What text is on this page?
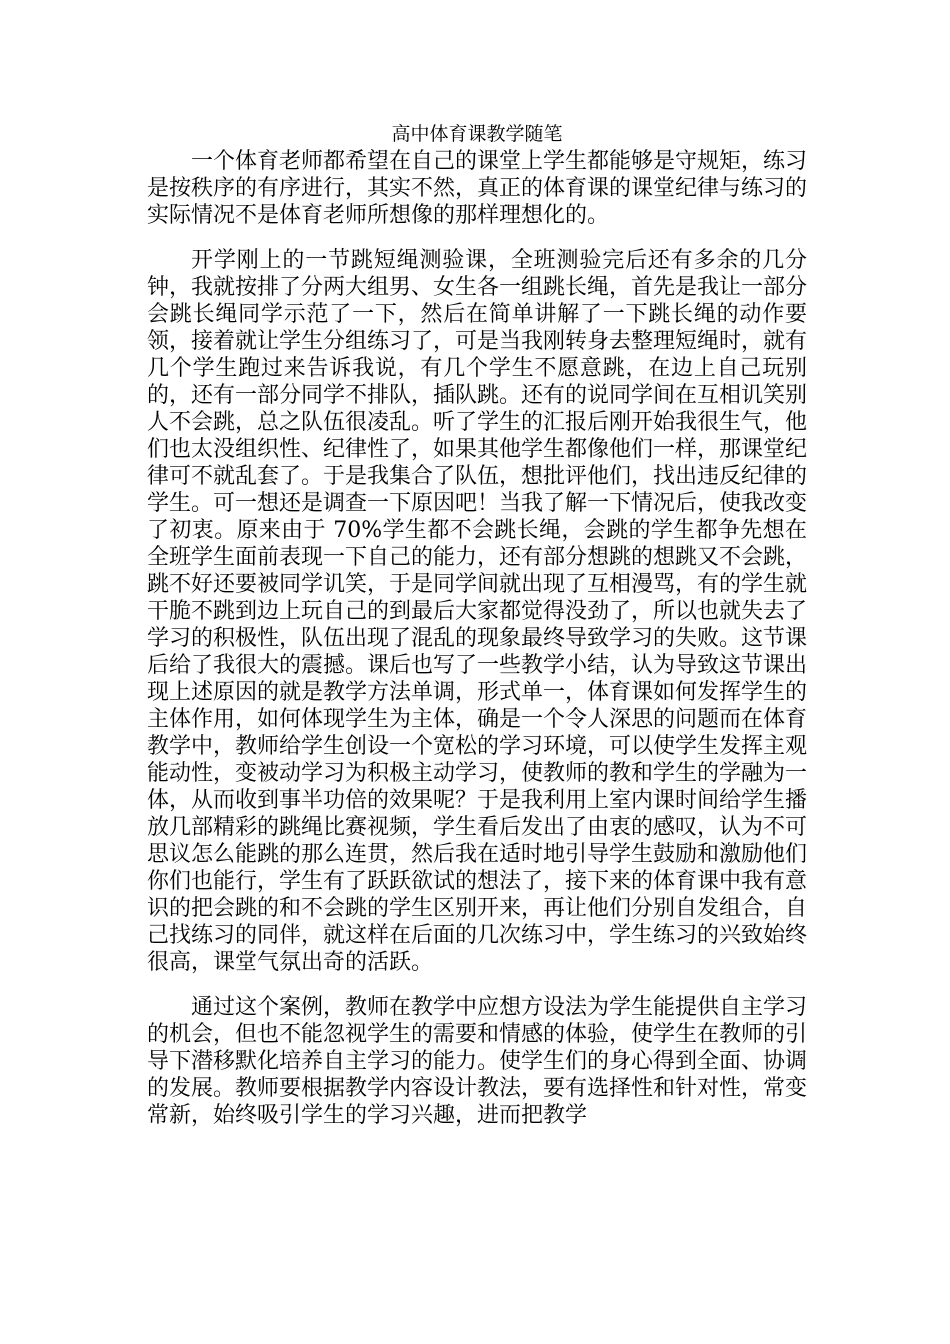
高中体育课教学随笔

一个体育老师都希望在自己的课堂上学生都能够是守规矩，练习是按秩序的有序进行，其实不然，真正的体育课的课堂纪律与练习的实际情况不是体育老师所想像的那样理想化的。

开学刚上的一节跳短绳测验课，全班测验完后还有多余的几分钟，我就按排了分两大组男、女生各一组跳长绳，首先是我让一部分会跳长绳同学示范了一下，然后在简单讲解了一下跳长绳的动作要领，接着就让学生分组练习了，可是当我刚转身去整理短绳时，就有几个学生跑过来告诉我说，有几个学生不愿意跳，在边上自己玩别的，还有一部分同学不排队，插队跳。还有的说同学间在互相讥笑别人不会跳，总之队伍很凌乱。听了学生的汇报后刚开始我很生气，他们也太没组织性、纪律性了，如果其他学生都像他们一样，那课堂纪律可不就乱套了。于是我集合了队伍，想批评他们，找出违反纪律的学生。可一想还是调查一下原因吧！当我了解一下情况后，使我改变了初衷。原来由于 70%学生都不会跳长绳，会跳的学生都争先想在全班学生面前表现一下自己的能力，还有部分想跳的想跳又不会跳，跳不好还要被同学讥笑，于是同学间就出现了互相漫骂，有的学生就干脆不跳到边上玩自己的到最后大家都觉得没劲了，所以也就失去了学习的积极性，队伍出现了混乱的现象最终导致学习的失败。这节课后给了我很大的震撼。课后也写了一些教学小结，认为导致这节课出现上述原因的就是教学方法单调，形式单一，体育课如何发挥学生的主体作用，如何体现学生为主体，确是一个令人深思的问题而在体育教学中，教师给学生创设一个宽松的学习环境，可以使学生发挥主观能动性，变被动学习为积极主动学习，使教师的教和学生的学融为一体，从而收到事半功倍的效果呢？于是我利用上室内课时间给学生播放几部精彩的跳绳比赛视频，学生看后发出了由衷的感叹，认为不可思议怎么能跳的那么连贯，然后我在适时地引导学生鼓励和激励他们你们也能行，学生有了跃跃欲试的想法了，接下来的体育课中我有意识的把会跳的和不会跳的学生区别开来，再让他们分别自发组合，自己找练习的同伴，就这样在后面的几次练习中，学生练习的兴致始终很高，课堂气氛出奇的活跃。

通过这个案例，教师在教学中应想方设法为学生能提供自主学习的机会，但也不能忽视学生的需要和情感的体验，使学生在教师的引导下潜移默化培养自主学习的能力。使学生们的身心得到全面、协调的发展。教师要根据教学内容设计教法，要有选择性和针对性，常变常新，始终吸引学生的学习兴趣，进而把教学
